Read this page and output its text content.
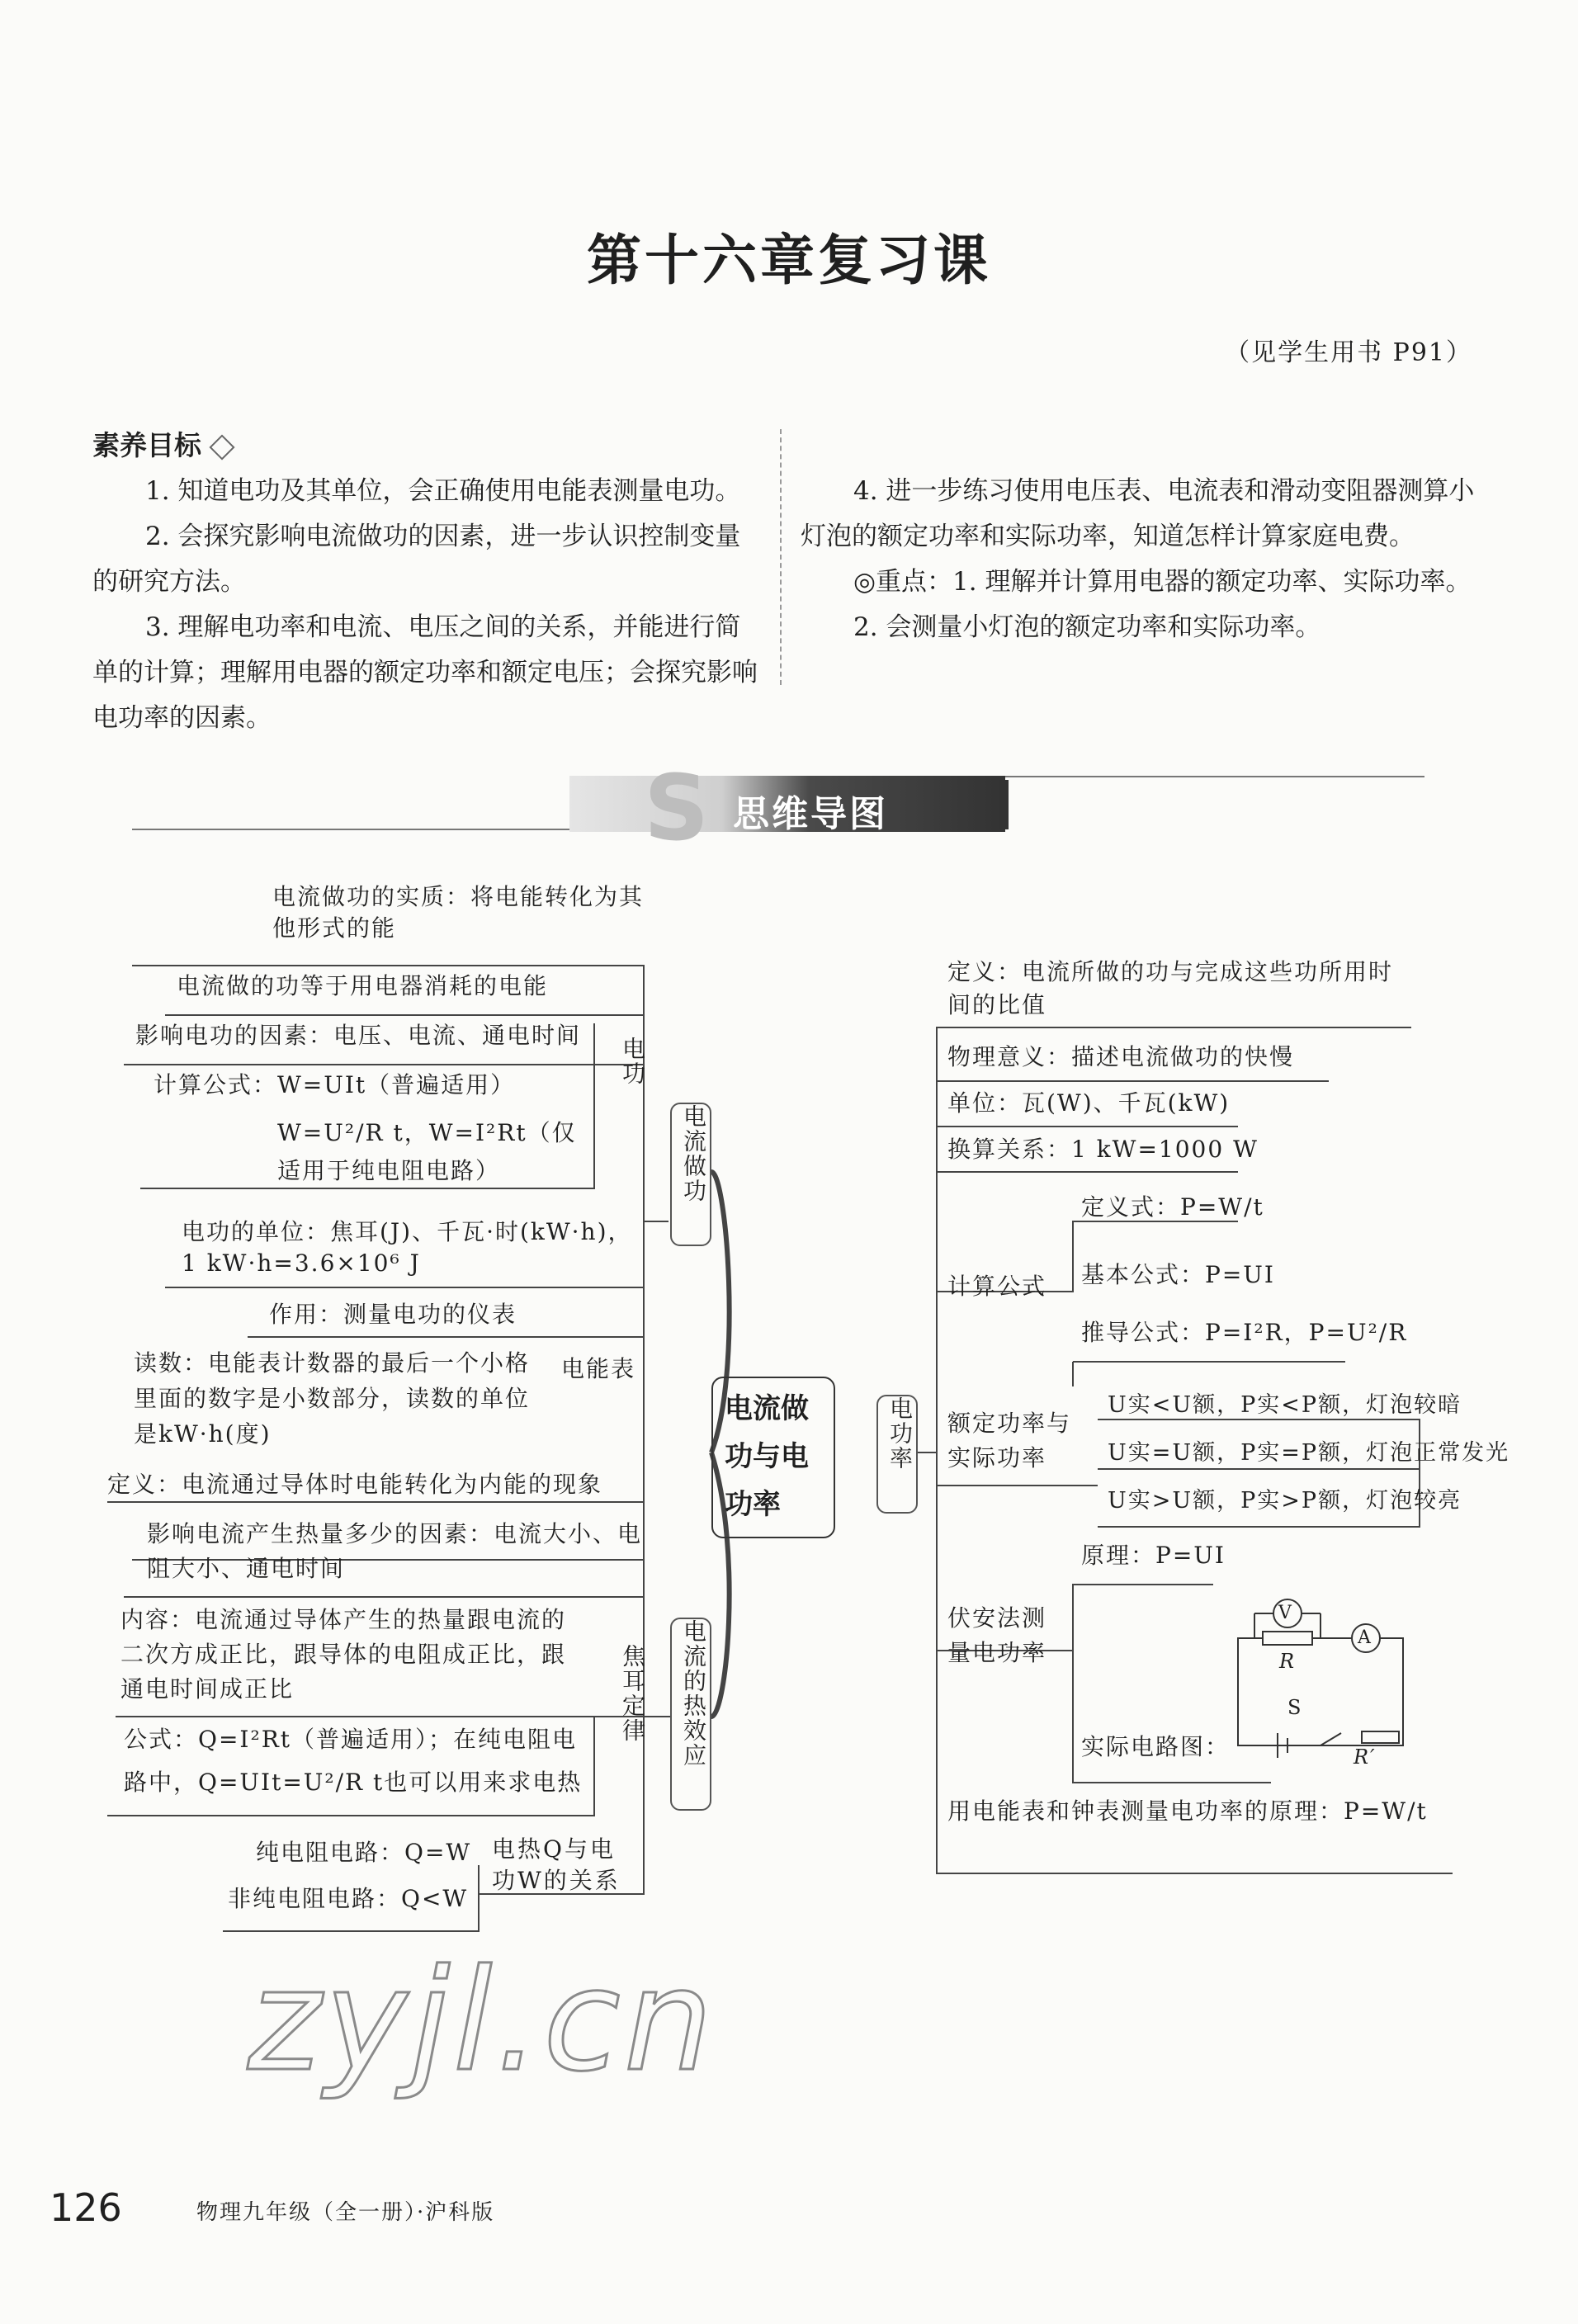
第十六章复习课
（见学生用书 P91）
素养目标

1. 知道电功及其单位，会正确使用电能表测量电功。

2. 会探究影响电流做功的因素，进一步认识控制变量的研究方法。

3. 理解电功率和电流、电压之间的关系，并能进行简单的计算；理解用电器的额定功率和额定电压；会探究影响电功率的因素。

4. 进一步练习使用电压表、电流表和滑动变阻器测算小灯泡的额定功率和实际功率，知道怎样计算家庭电费。

◎重点：1. 理解并计算用电器的额定功率、实际功率。

2. 会测量小灯泡的额定功率和实际功率。

S 思维导图
电流做功与电功率
电流做功
电流的热效应
电功率
电功
电能表
焦耳定律
电热Q与电功W的关系
电流做功的实质：将电能转化为其他形式的能
电流做的功等于用电器消耗的电能
影响电功的因素：电压、电流、通电时间
计算公式：W=UIt（普遍适用）
W=U²/R t，W=I²Rt（仅适用于纯电阻电路）
电功的单位：焦耳(J)、千瓦·时(kW·h)，1 kW·h=3.6×10⁶ J
作用：测量电功的仪表
读数：电能表计数器的最后一个小格里面的数字是小数部分，读数的单位是kW·h(度)
定义：电流通过导体时电能转化为内能的现象
影响电流产生热量多少的因素：电流大小、电阻大小、通电时间
内容：电流通过导体产生的热量跟电流的二次方成正比，跟导体的电阻成正比，跟通电时间成正比
公式：Q=I²Rt（普遍适用）；在纯电阻电路中，Q=UIt=U²/R t也可以用来求电热
纯电阻电路：Q=W
非纯电阻电路：Q<W
定义：电流所做的功与完成这些功所用时间的比值
物理意义：描述电流做功的快慢
单位：瓦(W)、千瓦(kW)
换算关系：1 kW=1000 W
计算公式
定义式：P=W/t
基本公式：P=UI
推导公式：P=I²R，P=U²/R
额定功率与实际功率
U实<U额，P实<P额，灯泡较暗
U实=U额，P实=P额，灯泡正常发光
U实>U额，P实>P额，灯泡较亮
伏安法测量电功率
原理：P=UI
实际电路图：
用电能表和钟表测量电功率的原理：P=W/t
V
A
R
S
R′
zyjl.cn
126	物理九年级（全一册）·沪科版
